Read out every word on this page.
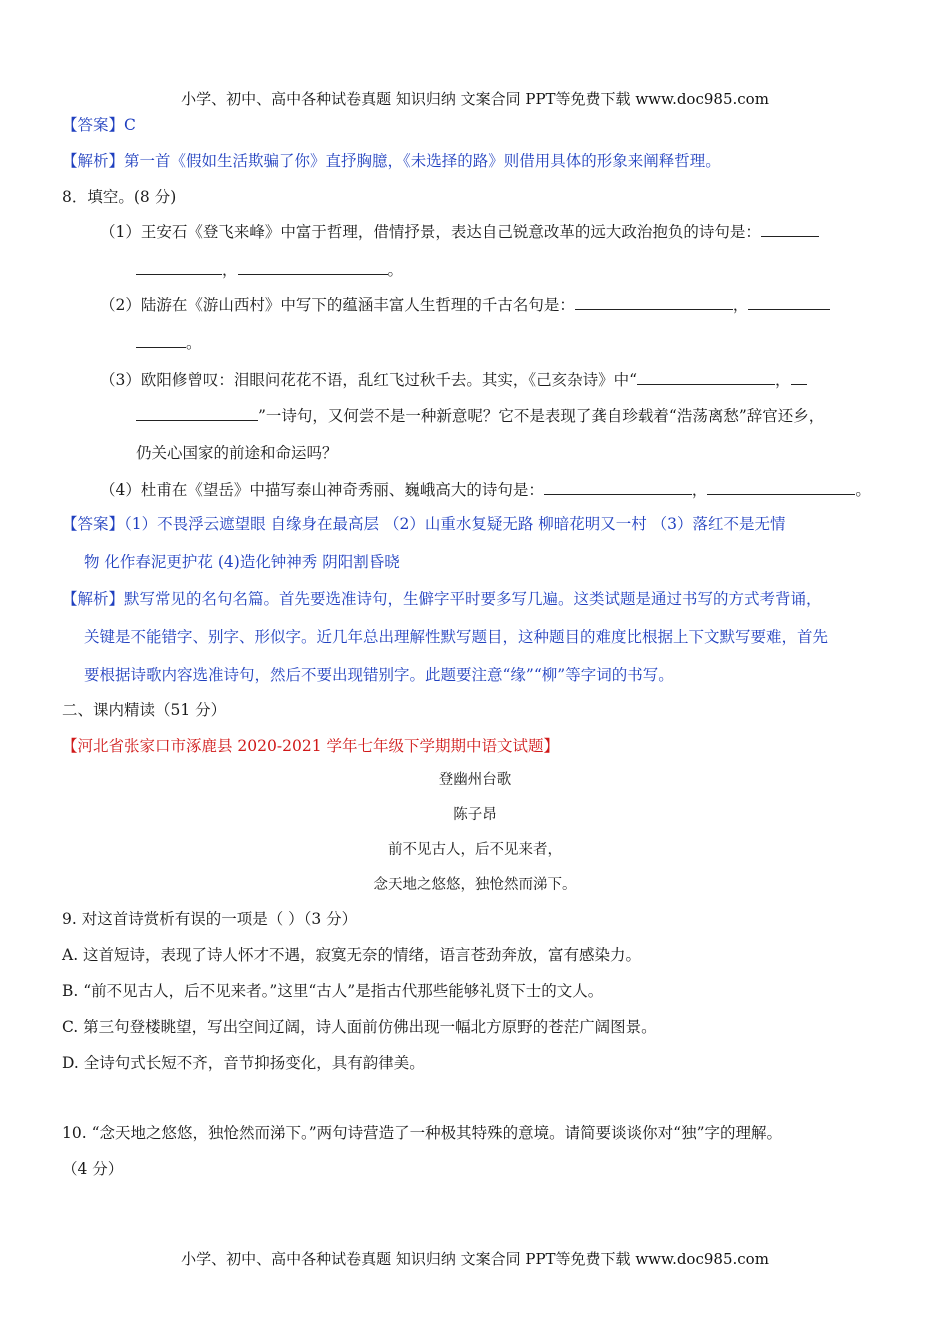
小学、初中、高中各种试卷真题 知识归纳 文案合同 PPT等免费下载 www.doc985.com
【答案】C
【解析】第一首《假如生活欺骗了你》直抒胸臆，《未选择的路》则借用具体的形象来阐释哲理。
8．填空。(8 分)
（1）王安石《登飞来峰》中富于哲理，借情抒景，表达自己锐意改革的远大政治抱负的诗句是：
，	。
（2）陆游在《游山西村》中写下的蕴涵丰富人生哲理的千古名句是：	，
。
（3）欧阳修曾叹：泪眼问花花不语，乱红飞过秋千去。其实，《己亥杂诗》中“	，
”一诗句，又何尝不是一种新意呢？它不是表现了龚自珍载着“浩荡离愁”辞官还乡，
仍关心国家的前途和命运吗？
（4）杜甫在《望岳》中描写泰山神奇秀丽、巍峨高大的诗句是：	，	。
【答案】（1）不畏浮云遮望眼 自缘身在最高层 （2）山重水复疑无路 柳暗花明又一村 （3）落红不是无情
物 化作春泥更护花 (4)造化钟神秀 阴阳割昏晓
【解析】默写常见的名句名篇。首先要选准诗句，生僻字平时要多写几遍。这类试题是通过书写的方式考背诵，
关键是不能错字、别字、形似字。近几年总出理解性默写题目，这种题目的难度比根据上下文默写要难，首先
要根据诗歌内容选准诗句，然后不要出现错别字。此题要注意“缘”“柳”等字词的书写。
二、课内精读（51 分）
【河北省张家口市涿鹿县 2020-2021 学年七年级下学期期中语文试题】
登幽州台歌
陈子昂
前不见古人，后不见来者，
念天地之悠悠，独怆然而涕下。
9. 对这首诗赏析有误的一项是（ ）（3 分）
A. 这首短诗，表现了诗人怀才不遇，寂寞无奈的情绪，语言苍劲奔放，富有感染力。
B. “前不见古人，后不见来者。”这里“古人”是指古代那些能够礼贤下士的文人。
C. 第三句登楼眺望，写出空间辽阔，诗人面前仿佛出现一幅北方原野的苍茫广阔图景。
D. 全诗句式长短不齐，音节抑扬变化，具有韵律美。
10. “念天地之悠悠，独怆然而涕下。”两句诗营造了一种极其特殊的意境。请简要谈谈你对“独”字的理解。
（4 分）
小学、初中、高中各种试卷真题 知识归纳 文案合同 PPT等免费下载 www.doc985.com
